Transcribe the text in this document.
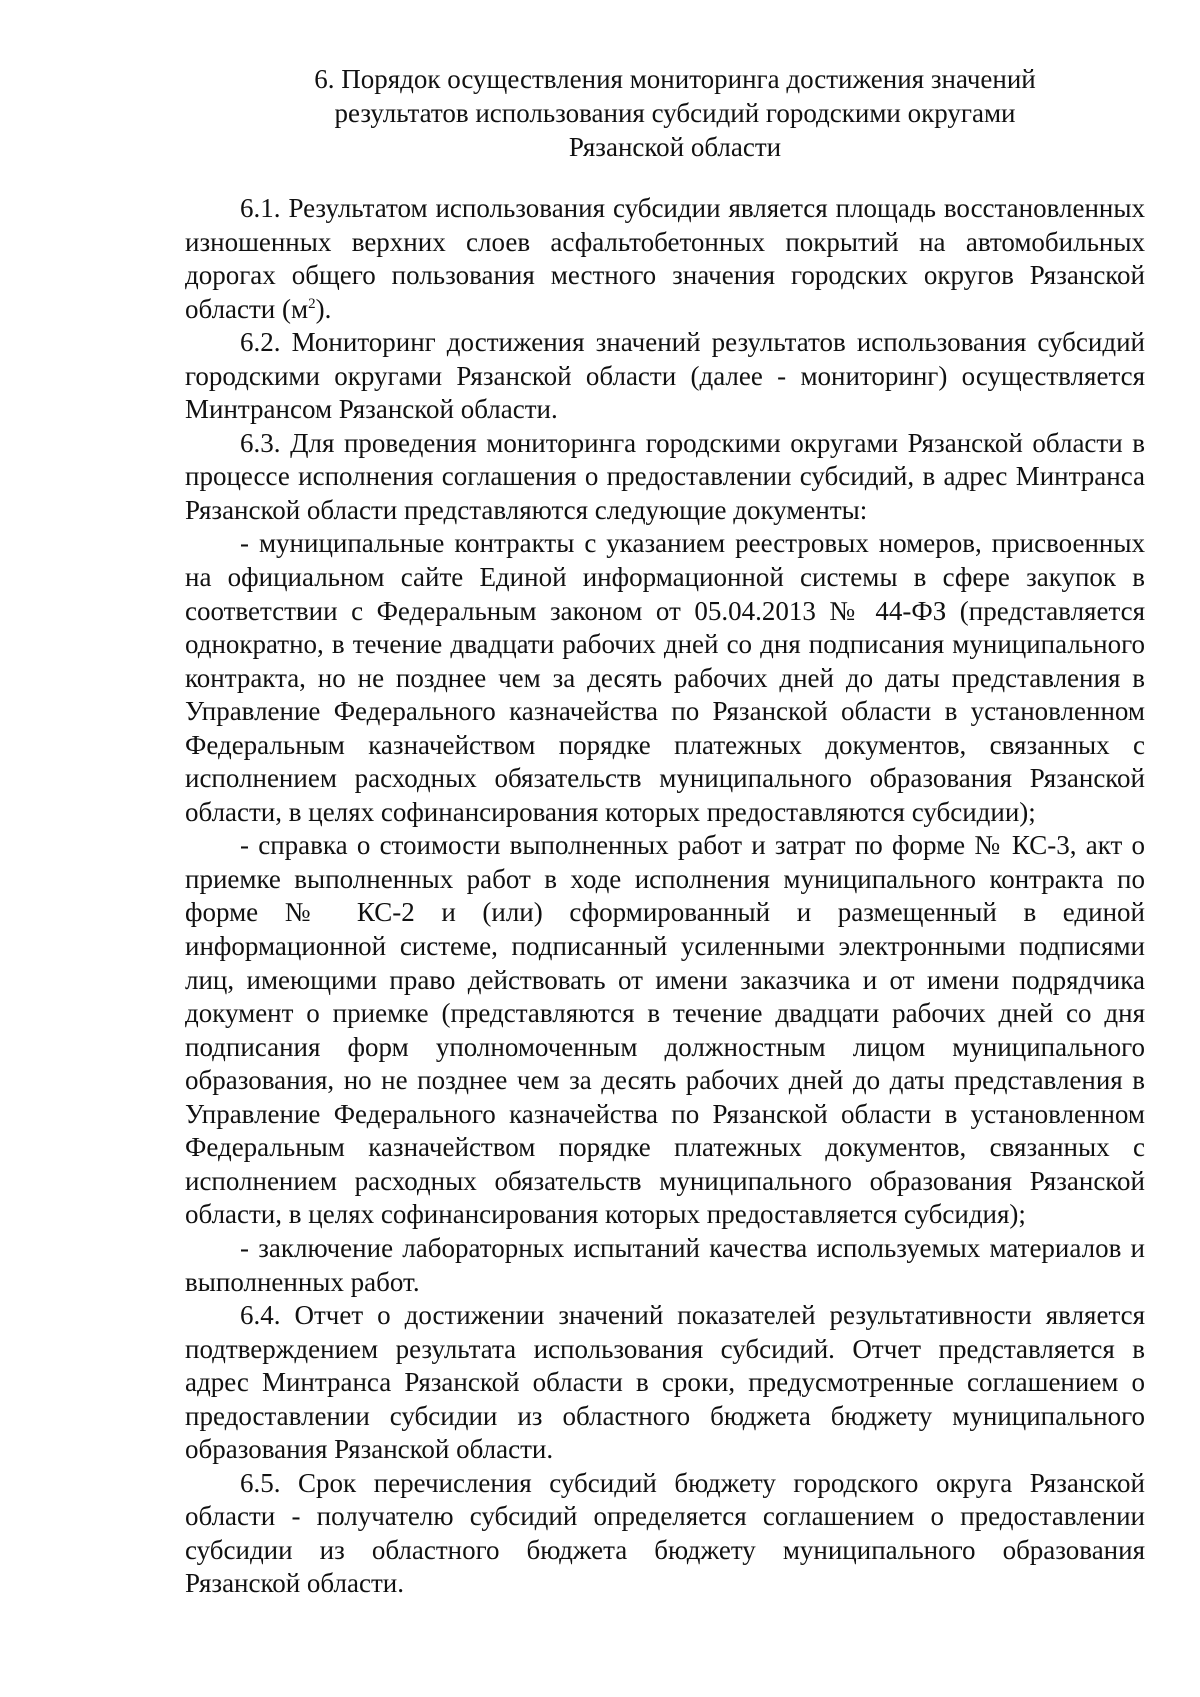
6. Порядок осуществления мониторинга достижения значений
результатов использования субсидий городскими округами
Рязанской области

6.1. Результатом использования субсидии является площадь восстановленных изношенных верхних слоев асфальтобетонных покрытий на автомобильных дорогах общего пользования местного значения городских округов Рязанской области $(м^2)$.

6.2. Мониторинг достижения значений результатов использования субсидий городскими округами Рязанской области (далее - мониторинг) осуществляется Минтрансом Рязанской области.

6.3. Для проведения мониторинга городскими округами Рязанской области в процессе исполнения соглашения о предоставлении субсидий, в адрес Минтранса Рязанской области представляются следующие документы:

- муниципальные контракты с указанием реестровых номеров, присвоенных на официальном сайте Единой информационной системы в сфере закупок в соответствии с Федеральным законом от 05.04.2013 № 44-ФЗ (представляется однократно, в течение двадцати рабочих дней со дня подписания муниципального контракта, но не позднее чем за десять рабочих дней до даты представления в Управление Федерального казначейства по Рязанской области в установленном Федеральным казначейством порядке платежных документов, связанных с исполнением расходных обязательств муниципального образования Рязанской области, в целях софинансирования которых предоставляются субсидии);

- справка о стоимости выполненных работ и затрат по форме № КС-3, акт о приемке выполненных работ в ходе исполнения муниципального контракта по форме № КС-2 и (или) сформированный и размещенный в единой информационной системе, подписанный усиленными электронными подписями лиц, имеющими право действовать от имени заказчика и от имени подрядчика документ о приемке (представляются в течение двадцати рабочих дней со дня подписания форм уполномоченным должностным лицом муниципального образования, но не позднее чем за десять рабочих дней до даты представления в Управление Федерального казначейства по Рязанской области в установленном Федеральным казначейством порядке платежных документов, связанных с исполнением расходных обязательств муниципального образования Рязанской области, в целях софинансирования которых предоставляется субсидия);

- заключение лабораторных испытаний качества используемых материалов и выполненных работ.

6.4. Отчет о достижении значений показателей результативности является подтверждением результата использования субсидий. Отчет представляется в адрес Минтранса Рязанской области в сроки, предусмотренные соглашением о предоставлении субсидии из областного бюджета бюджету муниципального образования Рязанской области.

6.5. Срок перечисления субсидий бюджету городского округа Рязанской области - получателю субсидий определяется соглашением о предоставлении субсидии из областного бюджета бюджету муниципального образования Рязанской области.
